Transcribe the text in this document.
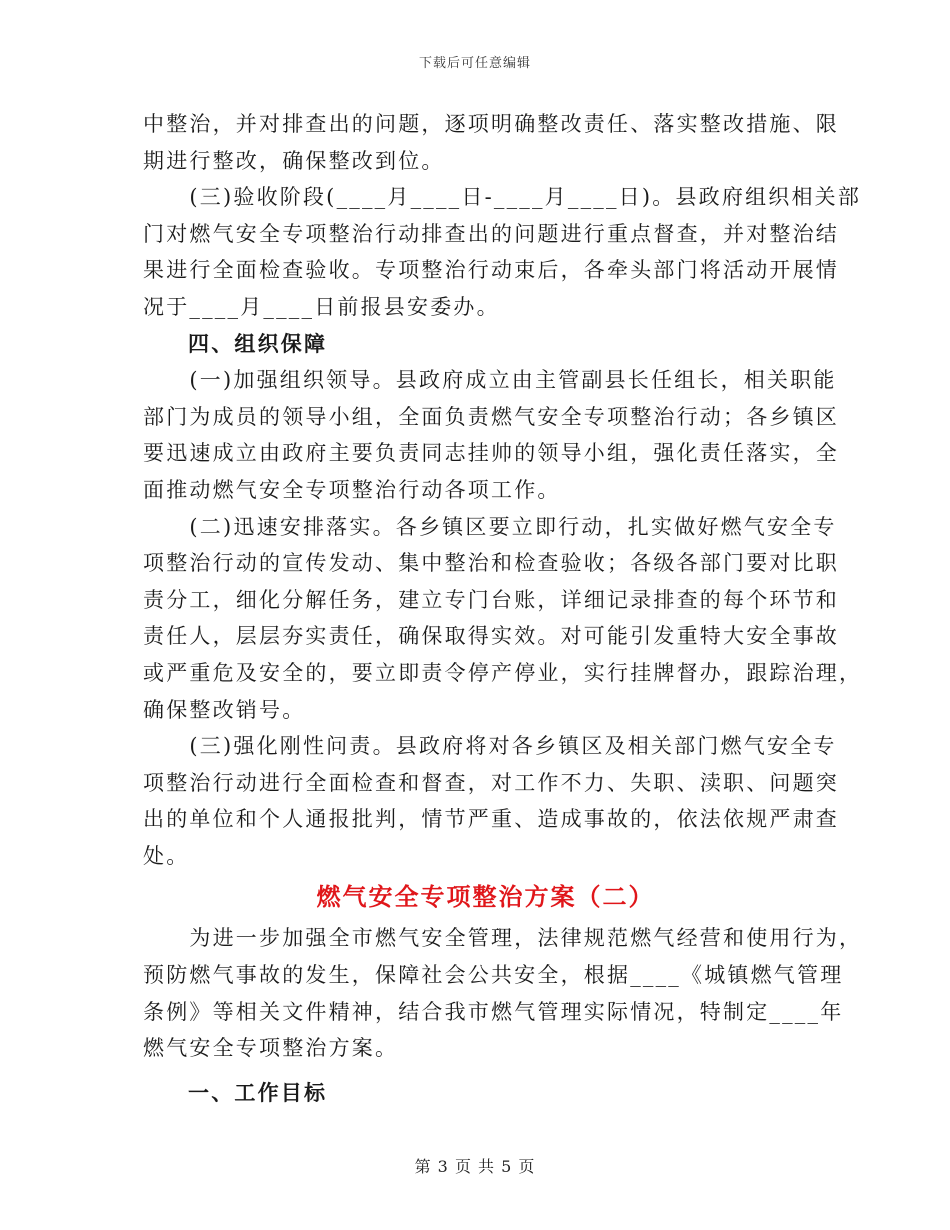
下载后可任意编辑

中整治，并对排查出的问题，逐项明确整改责任、落实整改措施、限

期进行整改，确保整改到位。

　　(三)验收阶段(____月____日-____月____日)。县政府组织相关部

门对燃气安全专项整治行动排查出的问题进行重点督查，并对整治结

果进行全面检查验收。专项整治行动束后，各牵头部门将活动开展情

况于____月____日前报县安委办。

四、组织保障

　　(一)加强组织领导。县政府成立由主管副县长任组长，相关职能

部门为成员的领导小组，全面负责燃气安全专项整治行动；各乡镇区

要迅速成立由政府主要负责同志挂帅的领导小组，强化责任落实，全

面推动燃气安全专项整治行动各项工作。

　　(二)迅速安排落实。各乡镇区要立即行动，扎实做好燃气安全专

项整治行动的宣传发动、集中整治和检查验收；各级各部门要对比职

责分工，细化分解任务，建立专门台账，详细记录排查的每个环节和

责任人，层层夯实责任，确保取得实效。对可能引发重特大安全事故

或严重危及安全的，要立即责令停产停业，实行挂牌督办，跟踪治理，

确保整改销号。

　　(三)强化刚性问责。县政府将对各乡镇区及相关部门燃气安全专

项整治行动进行全面检查和督查，对工作不力、失职、渎职、问题突

出的单位和个人通报批判，情节严重、造成事故的，依法依规严肃查

处。

燃气安全专项整治方案（二）

　　为进一步加强全市燃气安全管理，法律规范燃气经营和使用行为，

预防燃气事故的发生，保障社会公共安全，根据____《城镇燃气管理

条例》等相关文件精神，结合我市燃气管理实际情况，特制定____年

燃气安全专项整治方案。

一、工作目标

第 3 页 共 5 页
